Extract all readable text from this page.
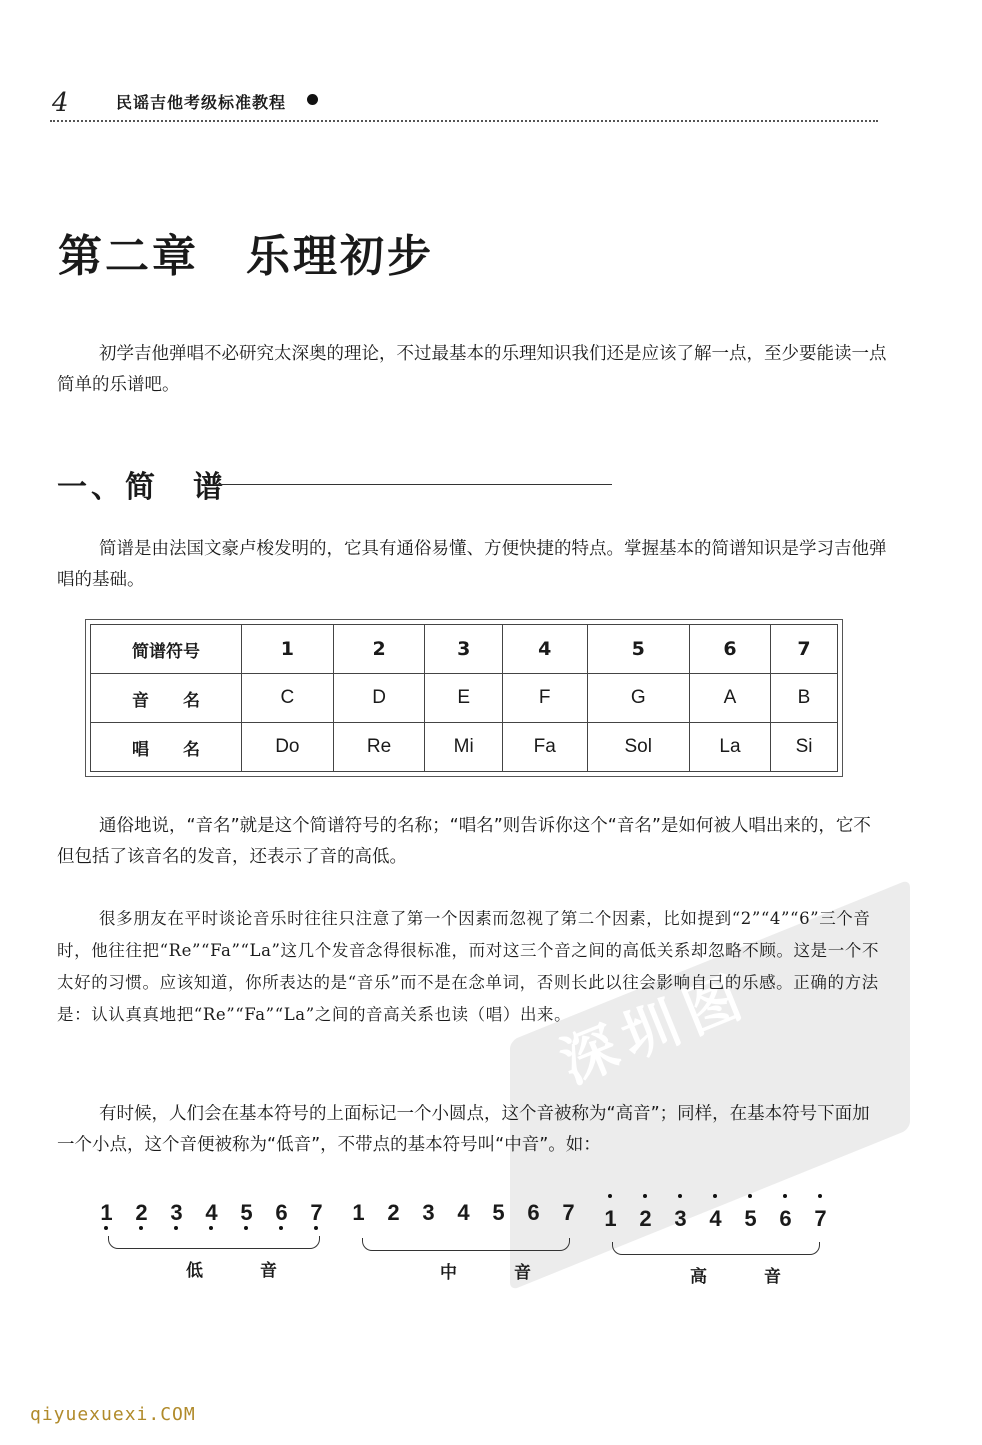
4	民谣吉他考级标准教程
深圳图
第二章　乐理初步

初学吉他弹唱不必研究太深奥的理论，不过最基本的乐理知识我们还是应该了解一点，至少要能读一点简单的乐谱吧。

一、简　谱

简谱是由法国文豪卢梭发明的，它具有通俗易懂、方便快捷的特点。掌握基本的简谱知识是学习吉他弹唱的基础。

简谱符号	1	2	3	4	5	6	7
音　　名	C	D	E	F	G	A	B
唱　　名	Do	Re	Mi	Fa	Sol	La	Si

通俗地说，“音名”就是这个简谱符号的名称；“唱名”则告诉你这个“音名”是如何被人唱出来的，它不但包括了该音名的发音，还表示了音的高低。

很多朋友在平时谈论音乐时往往只注意了第一个因素而忽视了第二个因素，比如提到“2”“4”“6”三个音时，他往往把“Re”“Fa”“La”这几个发音念得很标准，而对这三个音之间的高低关系却忽略不顾。这是一个不太好的习惯。应该知道，你所表达的是“音乐”而不是在念单词，否则长此以往会影响自己的乐感。正确的方法是：认认真真地把“Re”“Fa”“La”之间的音高关系也读（唱）出来。

有时候，人们会在基本符号的上面标记一个小圆点，这个音被称为“高音”；同样，在基本符号下面加一个小点，这个音便被称为“低音”，不带点的基本符号叫“中音”。如：

1 2 3 4 5 6 7
低　音
1 2 3 4 5 6 7
中　音
1 2 3 4 5 6 7
高　音
qiyuexuexi.COM
